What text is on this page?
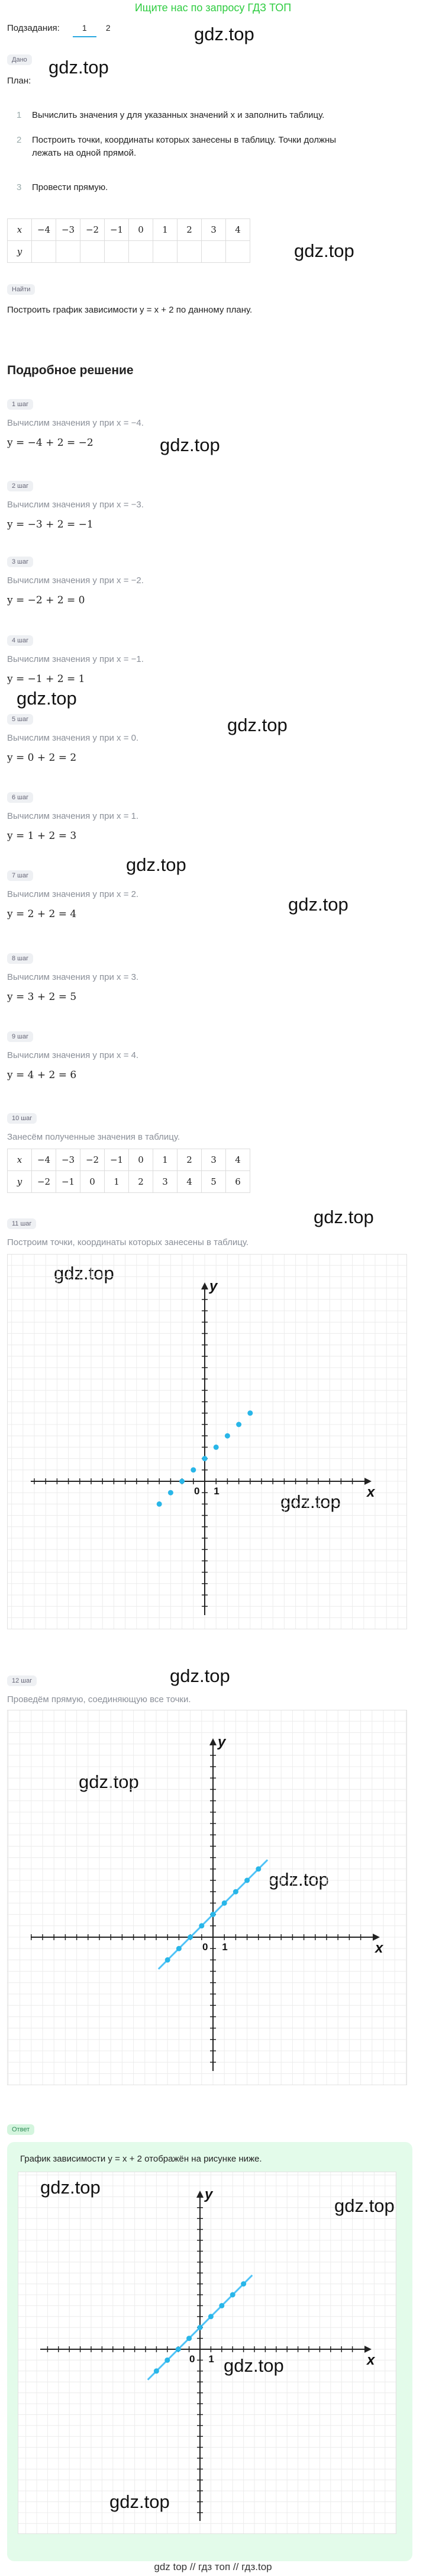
Ищите нас по запросу ГДЗ ТОП
Подзадания:	1	2	gdz.top
gdz.top
gdz.top
gdz.top
gdz.top
gdz.top
gdz.top
gdz.top
gdz.top
gdz.top
gdz.top
gdz.top
gdz.top
gdz.top
Дано
План:
1 Вычислить значения y для указанных значений x и заполнить таблицу.
2 Построить точки, координаты которых занесены в таблицу. Точки должны
лежать на одной прямой.
3 Провести прямую.
x	−4	−3	−2	−1	0	1	2	3	4
y									
Найти
Построить график зависимости y = x + 2 по данному плану.
Подробное решение
1 шаг
Вычислим значения y при x = −4.
y = −4 + 2 = −2
2 шаг
Вычислим значения y при x = −3.
y = −3 + 2 = −1
3 шаг
Вычислим значения y при x = −2.
y = −2 + 2 = 0
4 шаг
Вычислим значения y при x = −1.
y = −1 + 2 = 1
5 шаг
Вычислим значения y при x = 0.
y = 0 + 2 = 2
6 шаг
Вычислим значения y при x = 1.
y = 1 + 2 = 3
7 шаг
Вычислим значения y при x = 2.
y = 2 + 2 = 4
8 шаг
Вычислим значения y при x = 3.
y = 3 + 2 = 5
9 шаг
Вычислим значения y при x = 4.
y = 4 + 2 = 6
10 шаг
Занесём полученные значения в таблицу.
x	−4	−3	−2	−1	0	1	2	3	4
y	−2	−1	0	1	2	3	4	5	6
11 шаг
Построим точки, координаты которых занесены в таблицу.
x
y
0 1
12 шаг
Проведём прямую, соединяющую все точки.
x
y
0 1
Ответ
График зависимости y = x + 2 отображён на рисунке ниже.
x
y
0 1
gdz.top
gdz.top
gdz.top
gdz.top
gdz top // гдз топ // гдз.top
